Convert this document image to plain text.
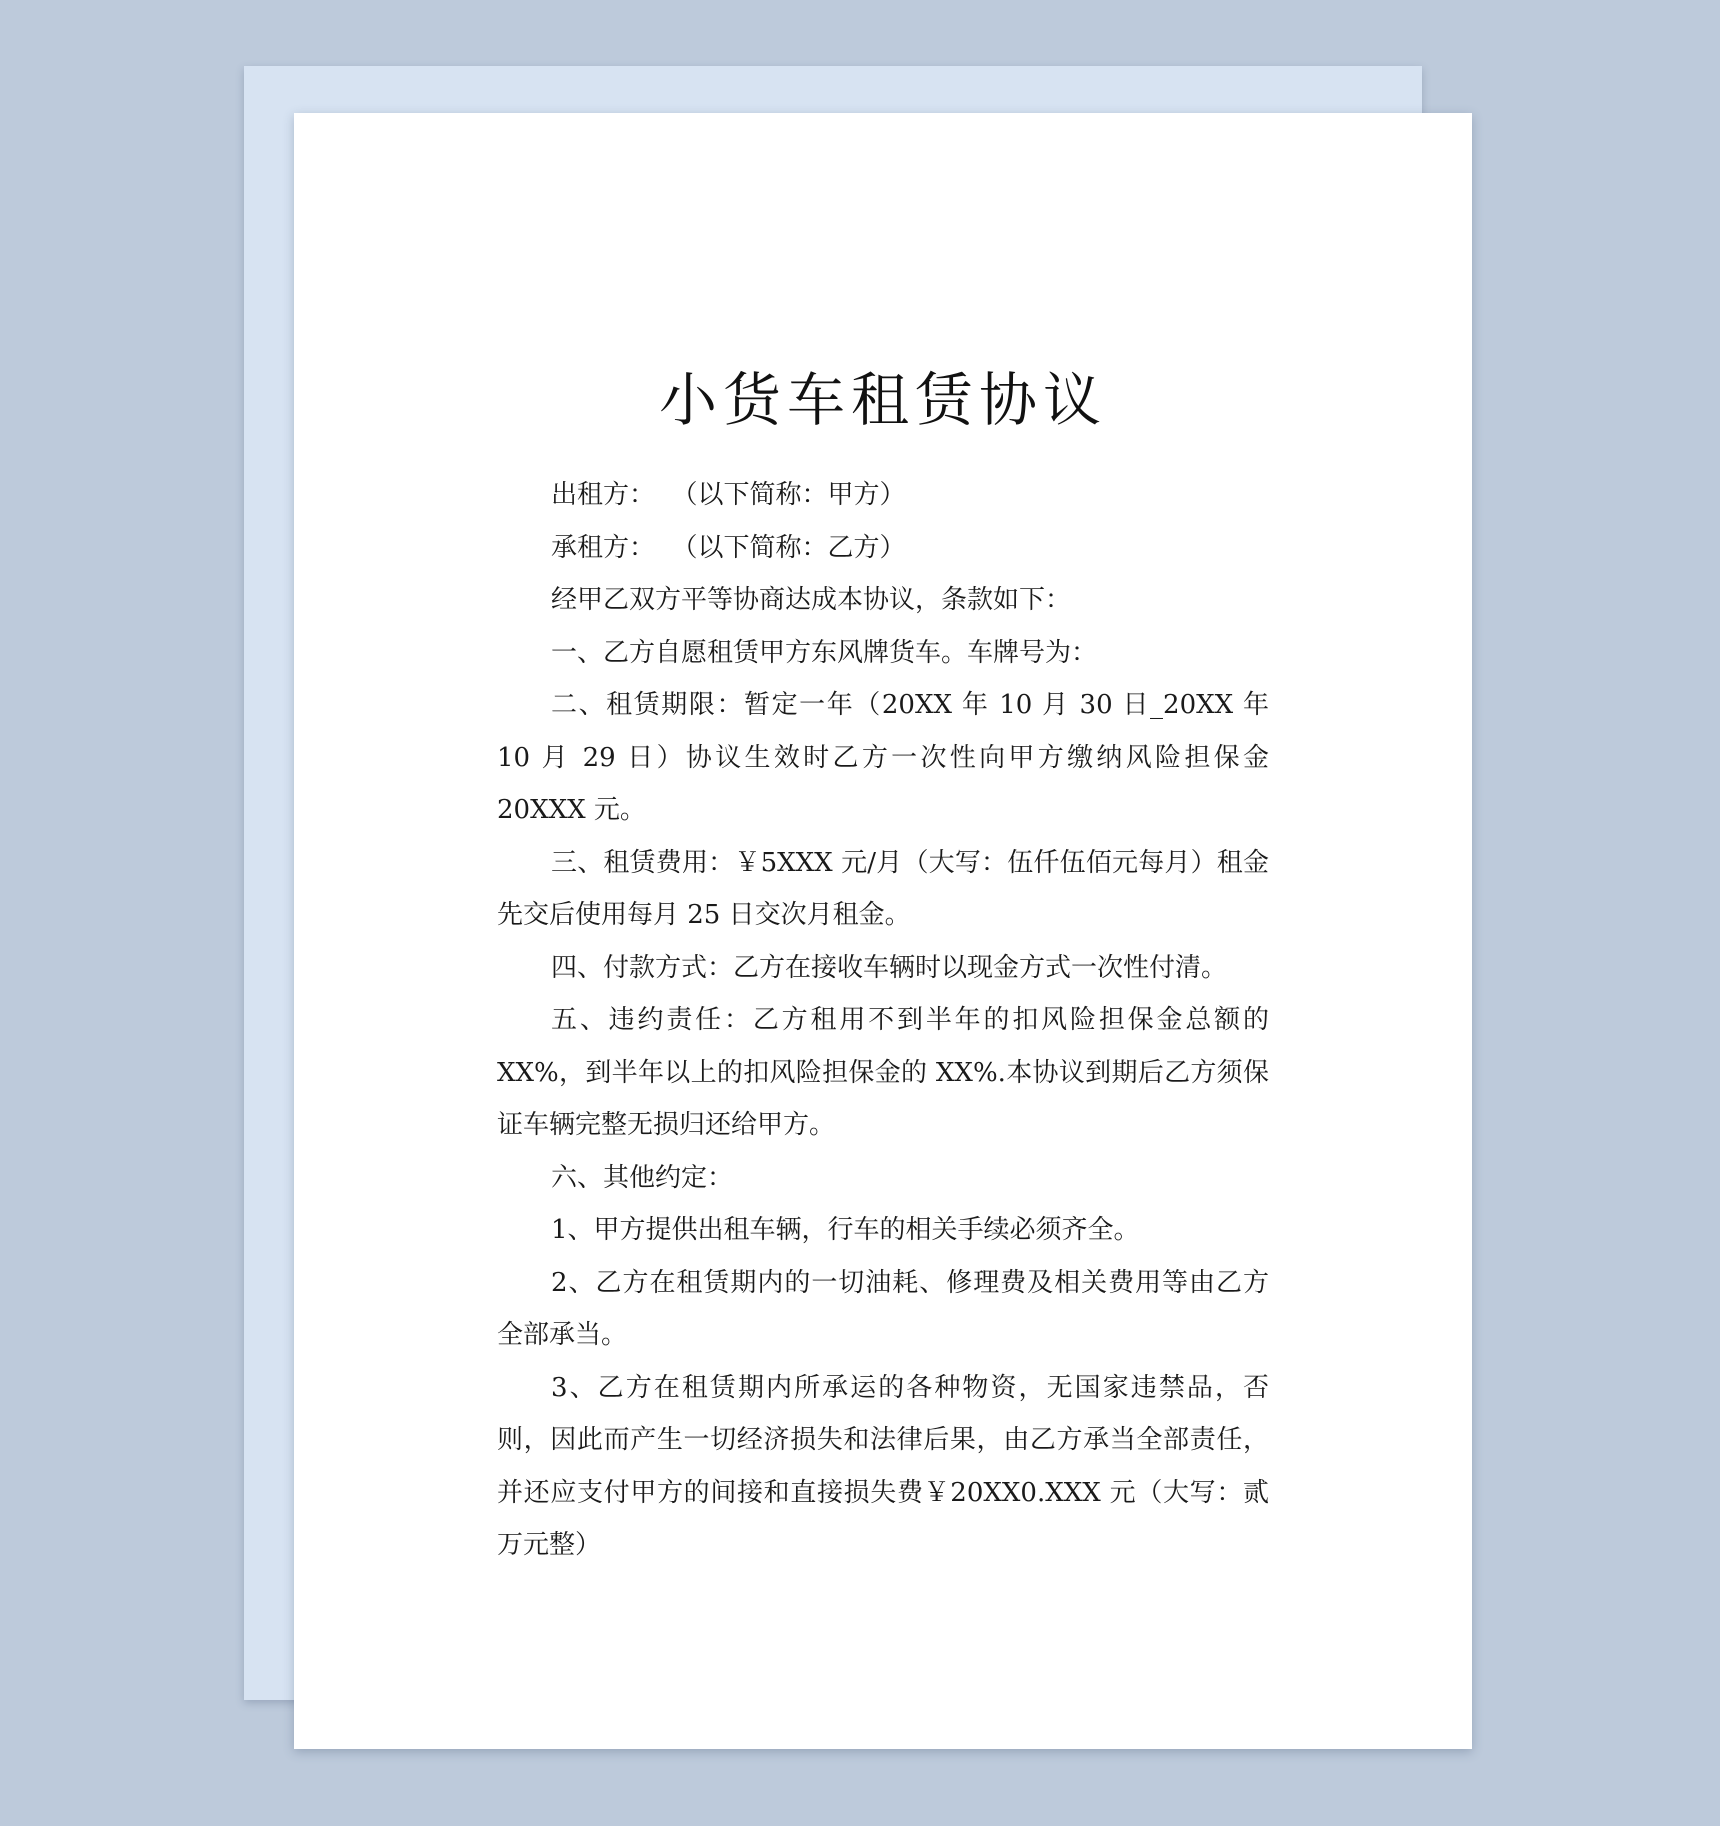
小货车租赁协议

出租方：  （以下简称：甲方）

承租方：  （以下简称：乙方）

经甲乙双方平等协商达成本协议，条款如下：

一、乙方自愿租赁甲方东风牌货车。车牌号为：

二、租赁期限：暂定一年（20XX 年 10 月 30 日_20XX 年 10 月 29 日）协议生效时乙方一次性向甲方缴纳风险担保金 20XXX 元。

三、租赁费用：￥5XXX 元/月（大写：伍仟伍佰元每月）租金先交后使用每月 25 日交次月租金。

四、付款方式：乙方在接收车辆时以现金方式一次性付清。

五、违约责任：乙方租用不到半年的扣风险担保金总额的 XX%，到半年以上的扣风险担保金的 XX%.本协议到期后乙方须保证车辆完整无损归还给甲方。

六、其他约定：

1、甲方提供出租车辆，行车的相关手续必须齐全。

2、乙方在租赁期内的一切油耗、修理费及相关费用等由乙方全部承当。

3、乙方在租赁期内所承运的各种物资，无国家违禁品，否则，因此而产生一切经济损失和法律后果，由乙方承当全部责任，并还应支付甲方的间接和直接损失费￥20XX0.XXX 元（大写：贰万元整）
